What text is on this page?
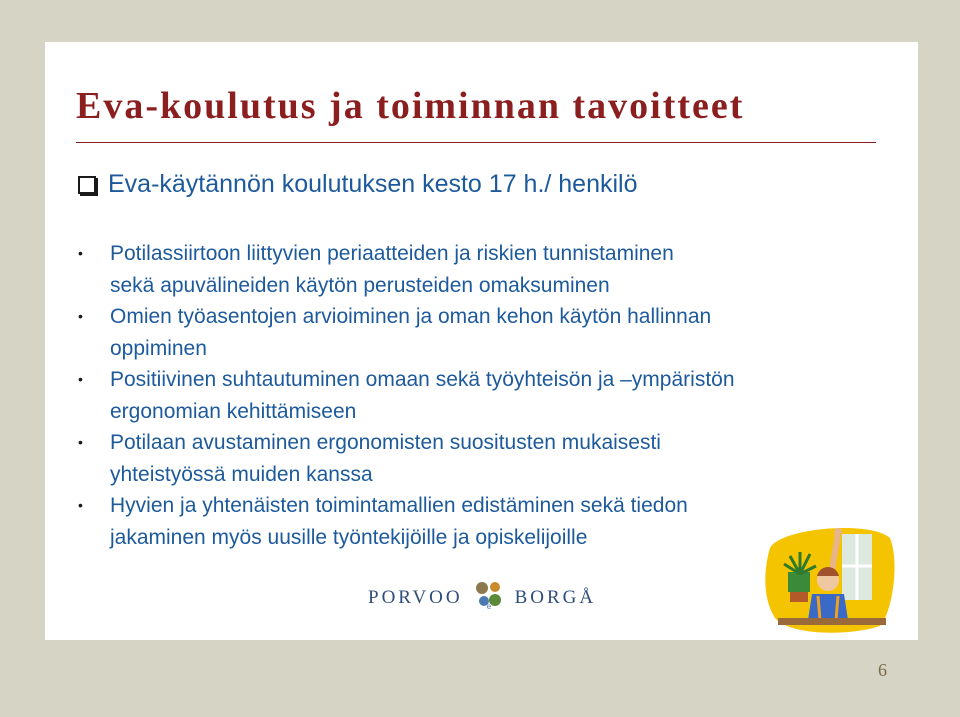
Eva-koulutus ja toiminnan tavoitteet
Eva-käytännön koulutuksen kesto 17 h./ henkilö
•	Potilassiirtoon liittyvien periaatteiden ja riskien tunnistaminen
sekä apuvälineiden käytön perusteiden omaksuminen
•	Omien työasentojen arvioiminen ja oman kehon käytön hallinnan
oppiminen
•	Positiivinen suhtautuminen omaan sekä työyhteisön ja –ympäristön
ergonomian kehittämiseen
•	Potilaan avustaminen ergonomisten suositusten mukaisesti
yhteistyössä muiden kanssa
•	Hyvien ja yhtenäisten toimintamallien edistäminen sekä tiedon
jakaminen myös uusille työntekijöille ja opiskelijoille
PORVOO	e BORGÅ
6
